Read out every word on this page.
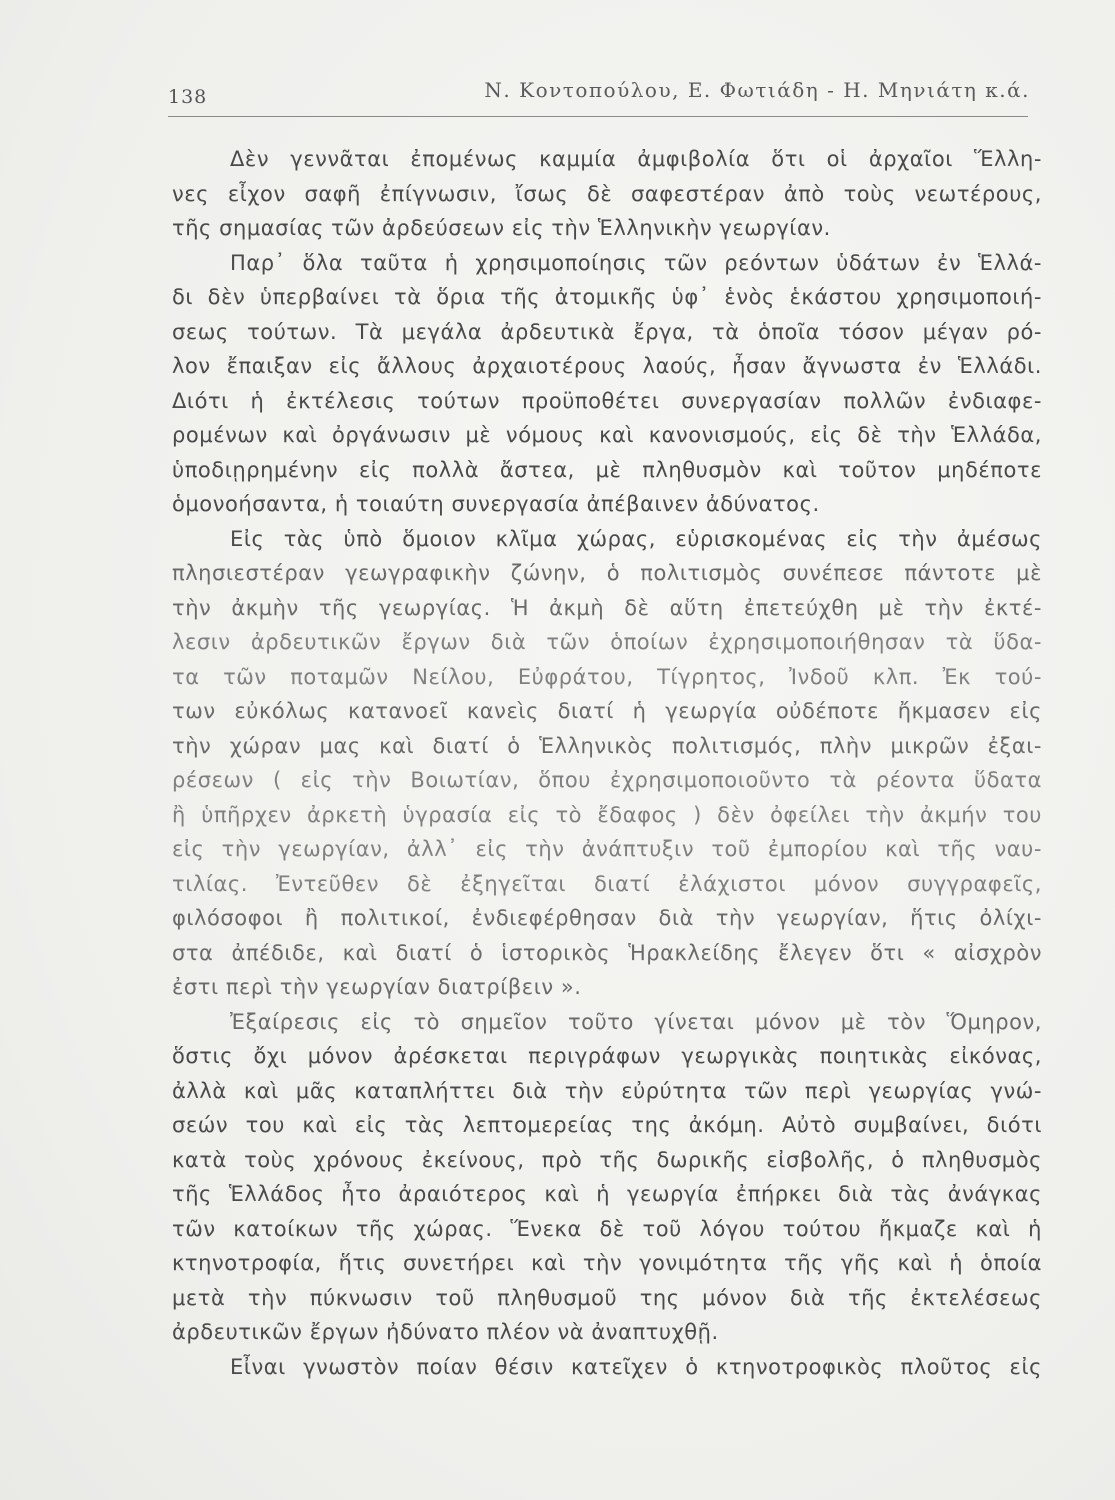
138	Ν. Κοντοπούλου, Ε. Φωτιάδη - Η. Μηνιάτη κ.ά.
Δὲν γεννᾶται ἐπομένως καμμία ἀμφιβολία ὅτι οἱ ἀρχαῖοι Ἕλλη-
νες εἶχον σαφῆ ἐπίγνωσιν, ἴσως δὲ σαφεστέραν ἀπὸ τοὺς νεωτέρους,
τῆς σημασίας τῶν ἀρδεύσεων εἰς τὴν Ἑλληνικὴν γεωργίαν.
Παρ᾽ ὅλα ταῦτα ἡ χρησιμοποίησις τῶν ρεόντων ὑδάτων ἐν Ἑλλά-
δι δὲν ὑπερβαίνει τὰ ὅρια τῆς ἀτομικῆς ὑφ᾽ ἑνὸς ἑκάστου χρησιμοποιή-
σεως τούτων. Τὰ μεγάλα ἀρδευτικὰ ἔργα, τὰ ὁποῖα τόσον μέγαν ρό-
λον ἔπαιξαν εἰς ἄλλους ἀρχαιοτέρους λαούς, ἦσαν ἄγνωστα ἐν Ἑλλάδι.
Διότι ἡ ἐκτέλεσις τούτων προϋποθέτει συνεργασίαν πολλῶν ἐνδιαφε-
ρομένων καὶ ὀργάνωσιν μὲ νόμους καὶ κανονισμούς, εἰς δὲ τὴν Ἑλλάδα,
ὑποδιῃρημένην εἰς πολλὰ ἄστεα, μὲ πληθυσμὸν καὶ τοῦτον μηδέποτε
ὁμονοήσαντα, ἡ τοιαύτη συνεργασία ἀπέβαινεν ἀδύνατος.
Εἰς τὰς ὑπὸ ὅμοιον κλῖμα χώρας, εὑρισκομένας εἰς τὴν ἀμέσως
πλησιεστέραν γεωγραφικὴν ζώνην, ὁ πολιτισμὸς συνέπεσε πάντοτε μὲ
τὴν ἀκμὴν τῆς γεωργίας. Ἡ ἀκμὴ δὲ αὕτη ἐπετεύχθη μὲ τὴν ἐκτέ-
λεσιν ἀρδευτικῶν ἔργων διὰ τῶν ὁποίων ἐχρησιμοποιήθησαν τὰ ὕδα-
τα τῶν ποταμῶν Νείλου, Εὐφράτου, Τίγρητος, Ἰνδοῦ κλπ. Ἐκ τού-
των εὐκόλως κατανοεῖ κανεὶς διατί ἡ γεωργία οὐδέποτε ἤκμασεν εἰς
τὴν χώραν μας καὶ διατί ὁ Ἑλληνικὸς πολιτισμός, πλὴν μικρῶν ἐξαι-
ρέσεων ( εἰς τὴν Βοιωτίαν, ὅπου ἐχρησιμοποιοῦντο τὰ ρέοντα ὕδατα
ἢ ὑπῆρχεν ἀρκετὴ ὑγρασία εἰς τὸ ἔδαφος ) δὲν ὀφείλει τὴν ἀκμήν του
εἰς τὴν γεωργίαν, ἀλλ᾽ εἰς τὴν ἀνάπτυξιν τοῦ ἐμπορίου καὶ τῆς ναυ-
τιλίας. Ἐντεῦθεν δὲ ἐξηγεῖται διατί ἐλάχιστοι μόνον συγγραφεῖς,
φιλόσοφοι ἢ πολιτικοί, ἐνδιεφέρθησαν διὰ τὴν γεωργίαν, ἥτις ὀλίχι-
στα ἀπέδιδε, καὶ διατί ὁ ἱστορικὸς Ἡρακλείδης ἔλεγεν ὅτι « αἰσχρὸν
ἐστι περὶ τὴν γεωργίαν διατρίβειν ».
Ἐξαίρεσις εἰς τὸ σημεῖον τοῦτο γίνεται μόνον μὲ τὸν Ὅμηρον,
ὅστις ὄχι μόνον ἀρέσκεται περιγράφων γεωργικὰς ποιητικὰς εἰκόνας,
ἀλλὰ καὶ μᾶς καταπλήττει διὰ τὴν εὐρύτητα τῶν περὶ γεωργίας γνώ-
σεών του καὶ εἰς τὰς λεπτομερείας της ἀκόμη. Αὐτὸ συμβαίνει, διότι
κατὰ τοὺς χρόνους ἐκείνους, πρὸ τῆς δωρικῆς εἰσβολῆς, ὁ πληθυσμὸς
τῆς Ἑλλάδος ἦτο ἀραιότερος καὶ ἡ γεωργία ἐπήρκει διὰ τὰς ἀνάγκας
τῶν κατοίκων τῆς χώρας. Ἕνεκα δὲ τοῦ λόγου τούτου ἤκμαζε καὶ ἡ
κτηνοτροφία, ἥτις συνετήρει καὶ τὴν γονιμότητα τῆς γῆς καὶ ἡ ὁποία
μετὰ τὴν πύκνωσιν τοῦ πληθυσμοῦ της μόνον διὰ τῆς ἐκτελέσεως
ἀρδευτικῶν ἔργων ἠδύνατο πλέον νὰ ἀναπτυχθῇ.
Εἶναι γνωστὸν ποίαν θέσιν κατεῖχεν ὁ κτηνοτροφικὸς πλοῦτος εἰς
